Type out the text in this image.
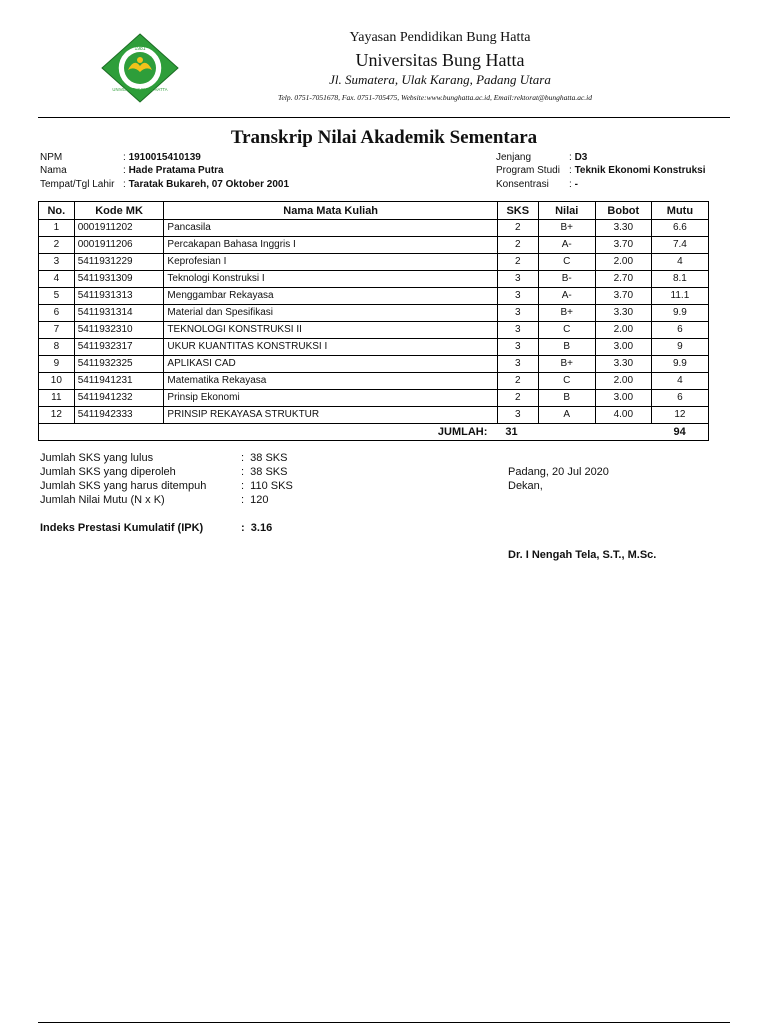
1981
UNIVERSITAS BUNG HATTA
Yayasan Pendidikan Bung Hatta
Universitas Bung Hatta
Jl. Sumatera, Ulak Karang, Padang Utara
Telp. 0751-7051678, Fax. 0751-705475, Website:www.bunghatta.ac.id, Email:rektorat@bunghatta.ac.id
Transkrip Nilai Akademik Sementara
NPM	: 1910015410139
Nama	: Hade Pratama Putra
Tempat/Tgl Lahir : Taratak Bukareh, 07 Oktober 2001
Jenjang	: D3
Program Studi : Teknik Ekonomi Konstruksi
Konsentrasi : -
No.	Kode MK	Nama Mata Kuliah	SKS	Nilai	Bobot	Mutu
1	0001911202	Pancasila	2	B+	3.30	6.6
2	0001911206	Percakapan Bahasa Inggris I	2	A-	3.70	7.4
3	5411931229	Keprofesian I	2	C	2.00	4
4	5411931309	Teknologi Konstruksi I	3	B-	2.70	8.1
5	5411931313	Menggambar Rekayasa	3	A-	3.70	11.1
6	5411931314	Material dan Spesifikasi	3	B+	3.30	9.9
7	5411932310	TEKNOLOGI KONSTRUKSI II	3	C	2.00	6
8	5411932317	UKUR KUANTITAS KONSTRUKSI I	3	B	3.00	9
9	5411932325	APLIKASI CAD	3	B+	3.30	9.9
10	5411941231	Matematika Rekayasa	2	C	2.00	4
11	5411941232	Prinsip Ekonomi	2	B	3.00	6
12	5411942333	PRINSIP REKAYASA STRUKTUR	3	A	4.00	12
JUMLAH:			31			94
Jumlah SKS yang lulus	:  38 SKS
Jumlah SKS yang diperoleh	:  38 SKS
Jumlah SKS yang harus ditempuh	:  110 SKS
Jumlah Nilai Mutu (N x K)	:  120
Indeks Prestasi Kumulatif (IPK)	:  3.16
Padang, 20 Jul 2020
Dekan,
Dr. I Nengah Tela, S.T., M.Sc.
